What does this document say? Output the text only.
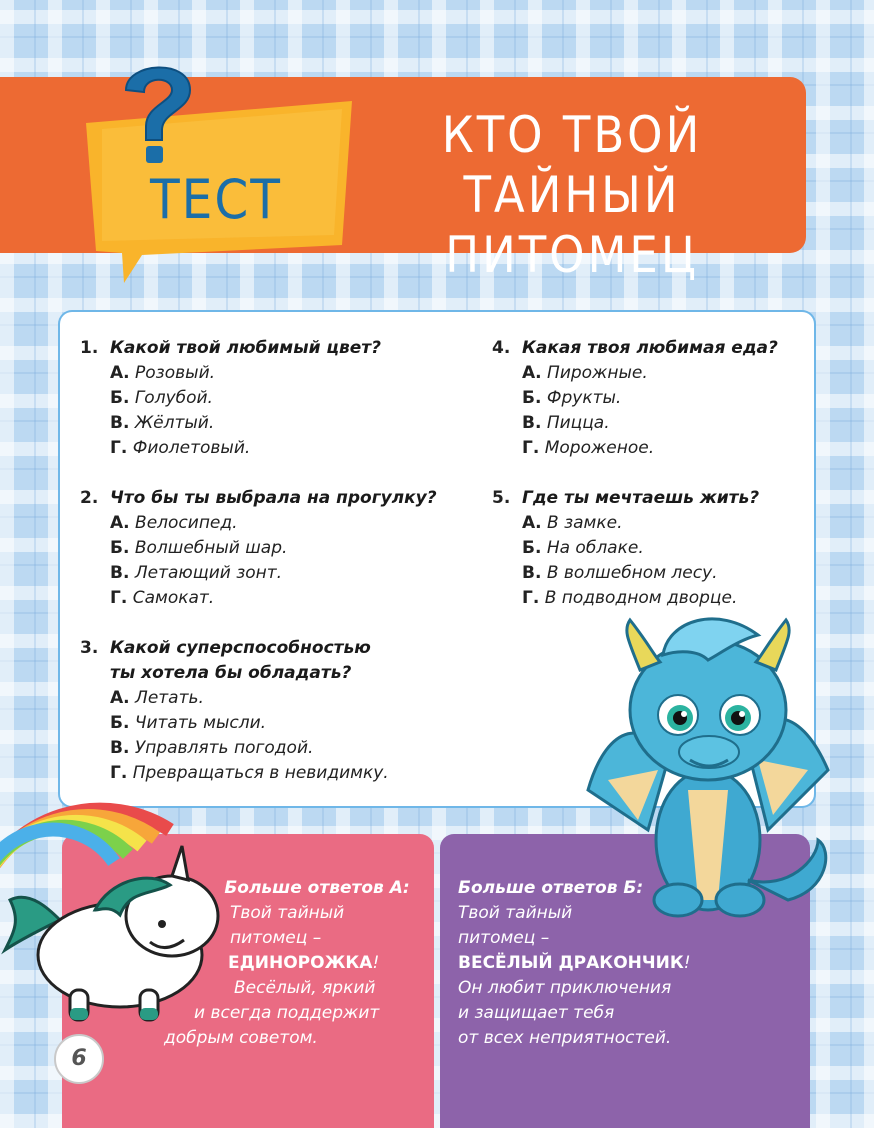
ТЕСТ
КТО ТВОЙ
ТАЙНЫЙ ПИТОМЕЦ
1. Какой твой любимый цвет?
А. Розовый.
Б. Голубой.
В. Жёлтый.
Г. Фиолетовый.
2. Что бы ты выбрала на прогулку?
А. Велосипед.
Б. Волшебный шар.
В. Летающий зонт.
Г. Самокат.
3. Какой суперспособностью
ты хотела бы обладать?
А. Летать.
Б. Читать мысли.
В. Управлять погодой.
Г. Превращаться в невидимку.
4. Какая твоя любимая еда?
А. Пирожные.
Б. Фрукты.
В. Пицца.
Г. Мороженое.
5. Где ты мечтаешь жить?
А. В замке.
Б. На облаке.
В. В волшебном лесу.
Г. В подводном дворце.
Больше ответов А:
Твой тайный
питомец –
ЕДИНОРОЖКА!
Весёлый, яркий
и всегда поддержит
добрым советом.
Больше ответов Б:
Твой тайный
питомец –
ВЕСЁЛЫЙ ДРАКОНЧИК!
Он любит приключения
и защищает тебя
от всех неприятностей.
6
